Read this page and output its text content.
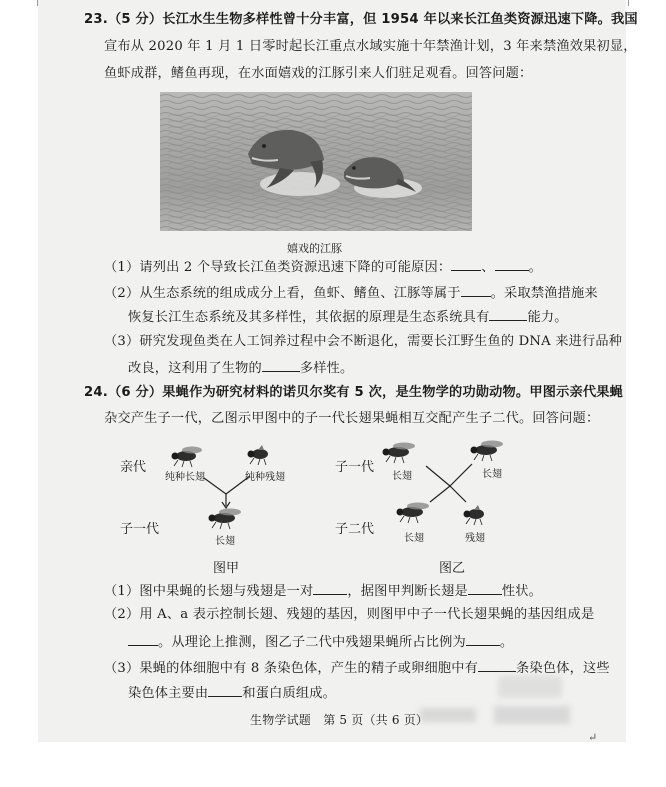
23.（5 分）长江水生生物多样性曾十分丰富，但 1954 年以来长江鱼类资源迅速下降。我国
宣布从 2020 年 1 月 1 日零时起长江重点水域实施十年禁渔计划，3 年来禁渔效果初显，
鱼虾成群，鳍鱼再现，在水面嬉戏的江豚引来人们驻足观看。回答问题：
嬉戏的江豚
（1）请列出 2 个导致长江鱼类资源迅速下降的可能原因： 、	。
（2）从生态系统的组成成分上看，鱼虾、鳍鱼、江豚等属于 。采取禁渔措施来
恢复长江生态系统及其多样性，其依据的原理是生态系统具有	能力。
（3）研究发现鱼类在人工饲养过程中会不断退化，需要长江野生鱼的 DNA 来进行品种
改良，这利用了生物的	多样性。
24.（6 分）果蝇作为研究材料的诺贝尔奖有 5 次，是生物学的功勋动物。甲图示亲代果蝇
杂交产生子一代，乙图示甲图中的子一代长翅果蝇相互交配产生子二代。回答问题：
亲代
子一代
纯种长翅	纯种残翅
长翅
图甲
子一代
子二代
长翅	长翅
长翅	残翅
图乙
（1）图中果蝇的长翅与残翅是一对	，据图甲判断长翅是	性状。
（2）用 A、a 表示控制长翅、残翅的基因，则图甲中子一代长翅果蝇的基因组成是
。从理论上推测，图乙子二代中残翅果蝇所占比例为	。
（3）果蝇的体细胞中有 8 条染色体，产生的精子或卵细胞中有	条染色体，这些
染色体主要由	和蛋白质组成。
生物学试题　第 5 页（共 6 页）
↵
